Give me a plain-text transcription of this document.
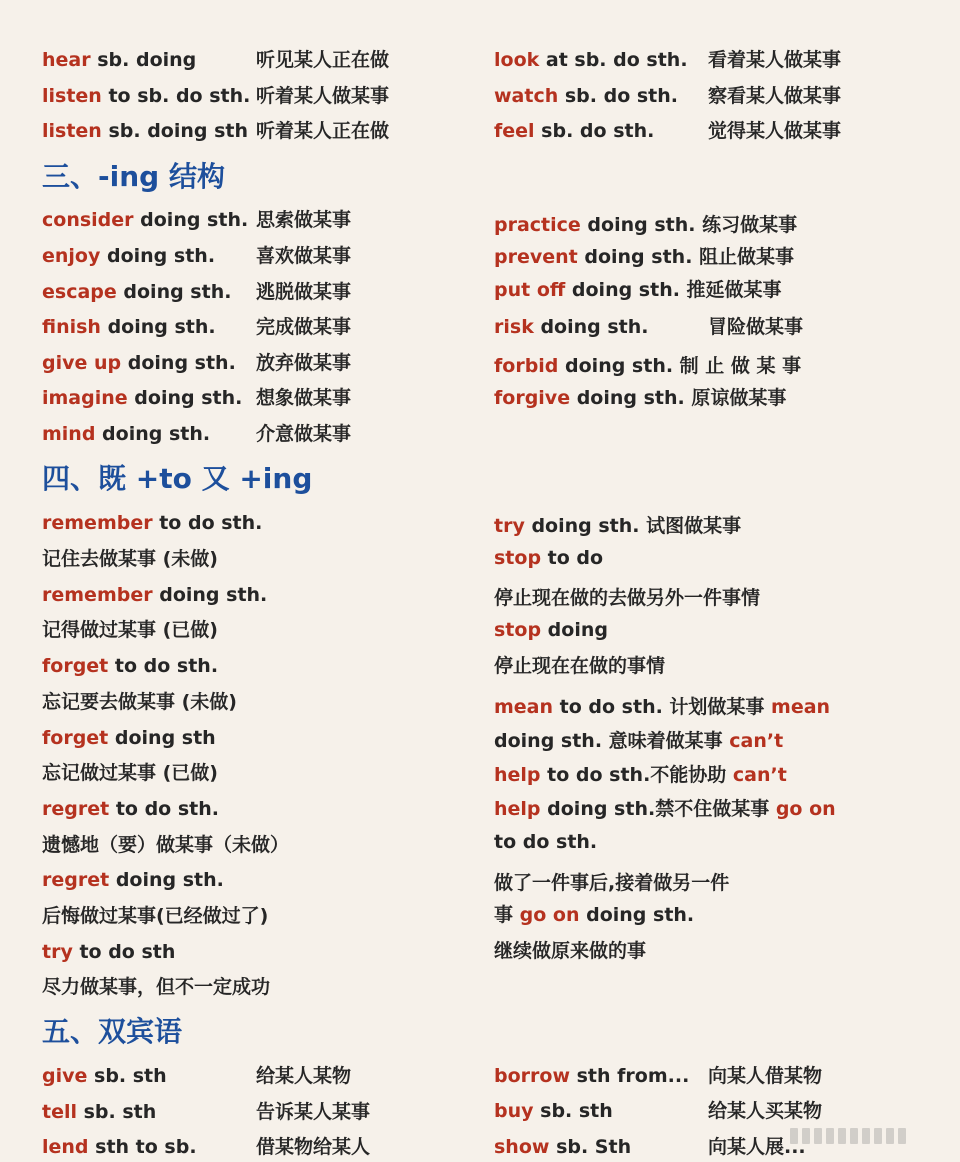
hear sb. doing	听见某人正在做
listen to sb. do sth. 听着某人做某事
listen sb. doing sth 听着某人正在做
look at sb. do sth. 看着某人做某事
watch sb. do sth. 察看某人做某事
feel sb. do sth.	觉得某人做某事
三、-ing 结构
consider doing sth. 思索做某事
enjoy doing sth. 喜欢做某事
escape doing sth. 逃脱做某事
finish doing sth. 完成做某事
give up doing sth. 放弃做某事
imagine doing sth. 想象做某事
mind doing sth. 介意做某事
practice doing sth. 练习做某事
prevent doing sth. 阻止做某事
put off doing sth. 推延做某事
risk doing sth.	冒险做某事
forbid doing sth. 制 止 做 某 事
forgive doing sth. 原谅做某事
四、既 +to 又 +ing
remember to do sth.
记住去做某事 (未做)
remember doing sth.
记得做过某事 (已做)
forget to do sth.
忘记要去做某事 (未做)
forget doing sth
忘记做过某事 (已做)
regret to do sth.
遗憾地（要）做某事（未做）
regret doing sth.
后悔做过某事(已经做过了)
try to do sth
尽力做某事，但不一定成功
try doing sth. 试图做某事
stop to do
停止现在做的去做另外一件事情
stop doing
停止现在在做的事情
mean to do sth. 计划做某事 mean
doing sth. 意味着做某事 can’t
help to do sth.不能协助 can’t
help doing sth.禁不住做某事 go on
to do sth.
做了一件事后,接着做另一件
事 go on doing sth.
继续做原来做的事
五、双宾语
give sb. sth	给某人某物
tell sb. sth	告诉某人某事
lend sth to sb.	借某物给某人
borrow sth from... 向某人借某物
buy sb. sth	给某人买某物
show sb. Sth	向某人展...
